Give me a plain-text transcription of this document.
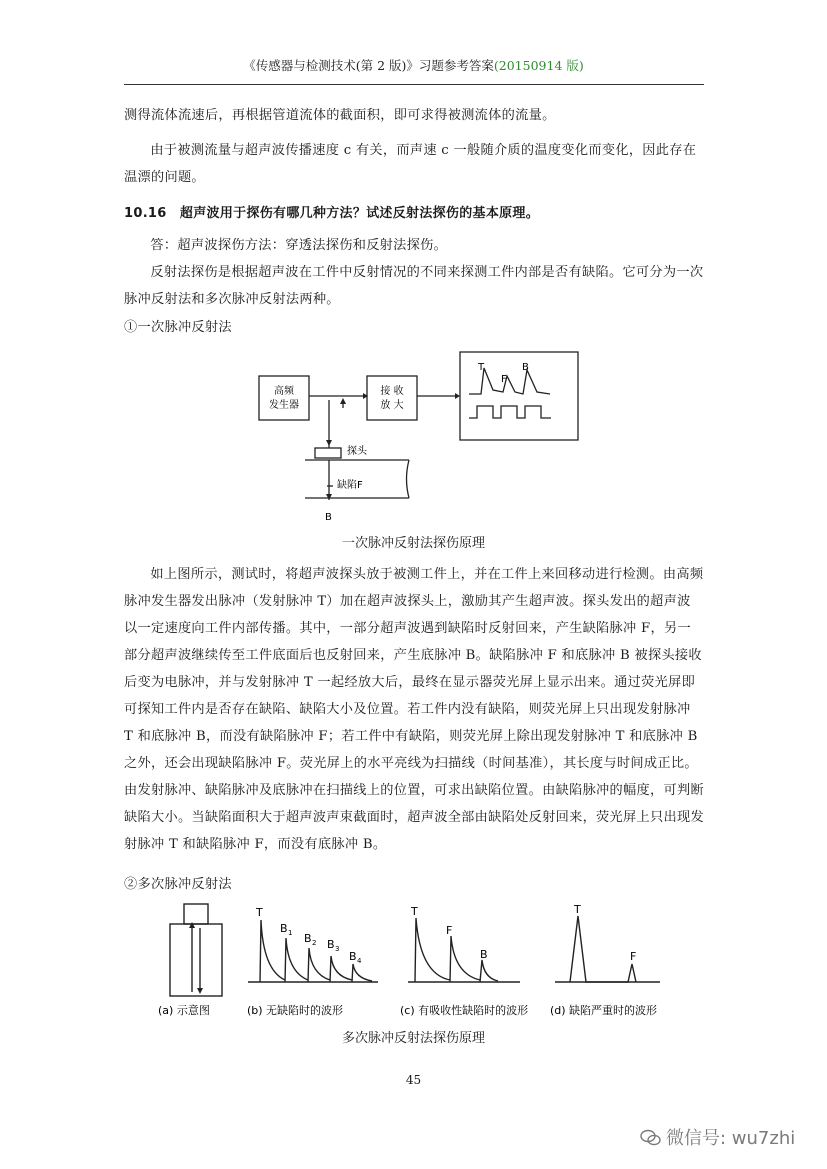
《传感器与检测技术(第 2 版)》习题参考答案(20150914 版)

测得流体流速后，再根据管道流体的截面积，即可求得被测流体的流量。

由于被测流量与超声波传播速度 c 有关，而声速 c 一般随介质的温度变化而变化，因此存在温漂的问题。

10.16　超声波用于探伤有哪几种方法？试述反射法探伤的基本原理。

答：超声波探伤方法：穿透法探伤和反射法探伤。

反射法探伤是根据超声波在工件中反射情况的不同来探测工件内部是否有缺陷。它可分为一次脉冲反射法和多次脉冲反射法两种。

①一次脉冲反射法

高频
发生器
接 收
放 大
探头
缺陷F
B
T
F
B
一次脉冲反射法探伤原理

如上图所示，测试时，将超声波探头放于被测工件上，并在工件上来回移动进行检测。由高频脉冲发生器发出脉冲（发射脉冲 T）加在超声波探头上，激励其产生超声波。探头发出的超声波以一定速度向工件内部传播。其中，一部分超声波遇到缺陷时反射回来，产生缺陷脉冲 F，另一部分超声波继续传至工件底面后也反射回来，产生底脉冲 B。缺陷脉冲 F 和底脉冲 B 被探头接收后变为电脉冲，并与发射脉冲 T 一起经放大后，最终在显示器荧光屏上显示出来。通过荧光屏即可探知工件内是否存在缺陷、缺陷大小及位置。若工件内没有缺陷，则荧光屏上只出现发射脉冲 T 和底脉冲 B，而没有缺陷脉冲 F；若工件中有缺陷，则荧光屏上除出现发射脉冲 T 和底脉冲 B 之外，还会出现缺陷脉冲 F。荧光屏上的水平亮线为扫描线（时间基准），其长度与时间成正比。由发射脉冲、缺陷脉冲及底脉冲在扫描线上的位置，可求出缺陷位置。由缺陷脉冲的幅度，可判断缺陷大小。当缺陷面积大于超声波声束截面时，超声波全部由缺陷处反射回来，荧光屏上只出现发射脉冲 T 和缺陷脉冲 F，而没有底脉冲 B。

②多次脉冲反射法

T
B 1 B 2 B 3
B 4
T
F
B
T
F
(a) 示意图	(b) 无缺陷时的波形	(c) 有吸收性缺陷时的波形 (d) 缺陷严重时的波形
多次脉冲反射法探伤原理
45
微信号: wu7zhi
